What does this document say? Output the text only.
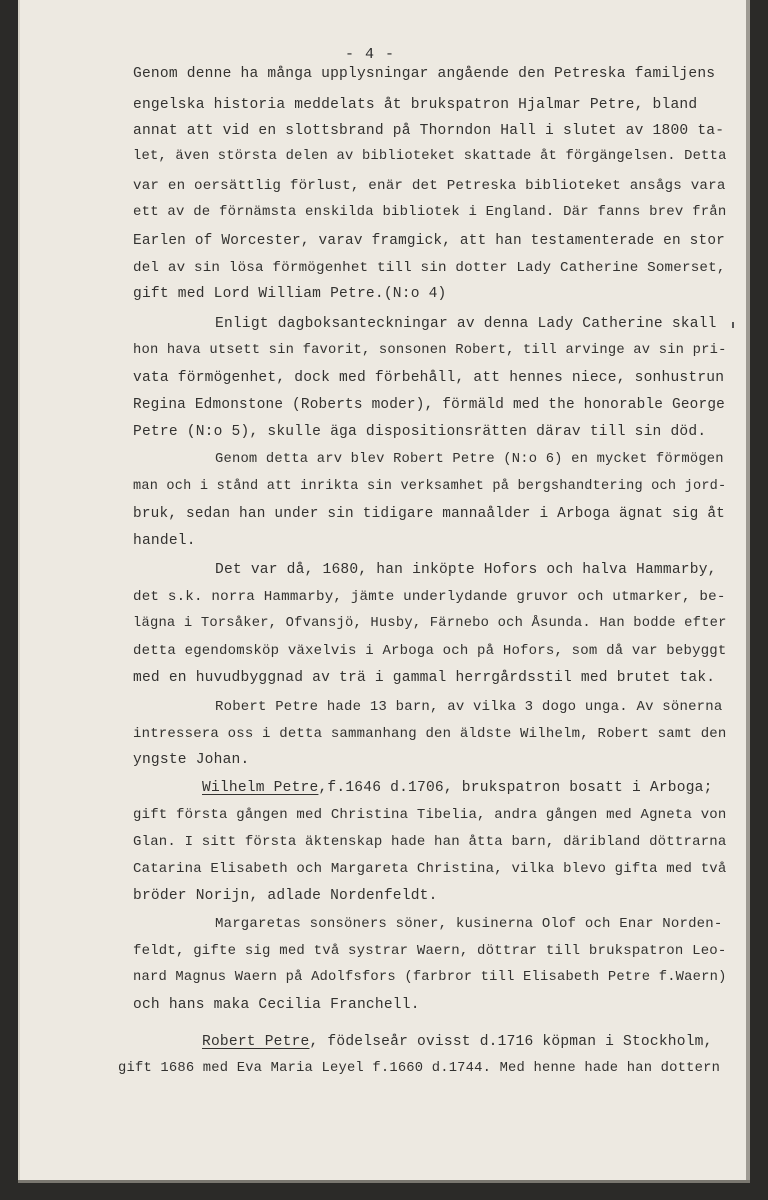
- 4 -
Genom denne ha många upplysningar angående den Petreska familjens
engelska historia meddelats åt brukspatron Hjalmar Petre, bland
annat att vid en slottsbrand på Thorndon Hall i slutet av 1800 ta-
let, även största delen av biblioteket skattade åt förgängelsen. Detta
var en oersättlig förlust, enär det Petreska biblioteket ansågs vara
ett av de förnämsta enskilda bibliotek i England. Där fanns brev från
Earlen of Worcester, varav framgick, att han testamenterade en stor
del av sin lösa förmögenhet till sin dotter Lady Catherine Somerset,
gift med Lord William Petre.(N:o 4)
Enligt dagboksanteckningar av denna Lady Catherine skall
hon hava utsett sin favorit, sonsonen Robert, till arvinge av sin pri-
vata förmögenhet, dock med förbehåll, att hennes niece, sonhustrun
Regina Edmonstone (Roberts moder), förmäld med the honorable George
Petre (N:o 5), skulle äga dispositionsrätten därav till sin död.
Genom detta arv blev Robert Petre (N:o 6) en mycket förmögen
man och i stånd att inrikta sin verksamhet på bergshandtering och jord-
bruk, sedan han under sin tidigare mannaålder i Arboga ägnat sig åt
handel.
Det var då, 1680, han inköpte Hofors och halva Hammarby,
det s.k. norra Hammarby, jämte underlydande gruvor och utmarker, be-
lägna i Torsåker, Ofvansjö, Husby, Färnebo och Åsunda. Han bodde efter
detta egendomsköp växelvis i Arboga och på Hofors, som då var bebyggt
med en huvudbyggnad av trä i gammal herrgårdsstil med brutet tak.
Robert Petre hade 13 barn, av vilka 3 dogo unga. Av sönerna
intressera oss i detta sammanhang den äldste Wilhelm, Robert samt den
yngste Johan.
Wilhelm Petre,f.1646 d.1706, brukspatron bosatt i Arboga;
gift första gången med Christina Tibelia, andra gången med Agneta von
Glan. I sitt första äktenskap hade han åtta barn, däribland döttrarna
Catarina Elisabeth och Margareta Christina, vilka blevo gifta med två
bröder Norijn, adlade Nordenfeldt.
Margaretas sonsöners söner, kusinerna Olof och Enar Norden-
feldt, gifte sig med två systrar Waern, döttrar till brukspatron Leo-
nard Magnus Waern på Adolfsfors (farbror till Elisabeth Petre f.Waern)
och hans maka Cecilia Franchell.
Robert Petre, födelseår ovisst d.1716 köpman i Stockholm,
gift 1686 med Eva Maria Leyel f.1660 d.1744. Med henne hade han dottern
